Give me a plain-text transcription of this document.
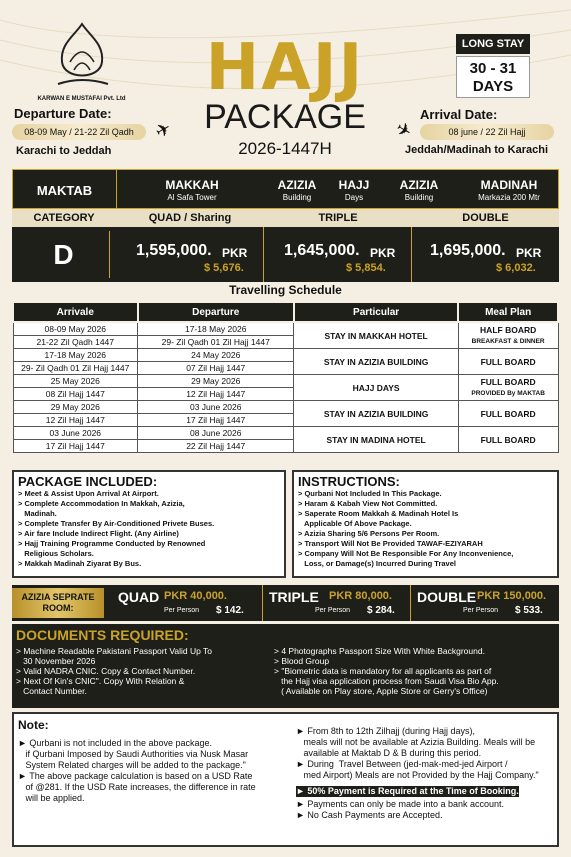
KARWAN E MUSTAFAI Pvt. Ltd	HAJJ
PACKAGE
2026-1447H
LONG STAY
30 - 31
DAYS
Departure Date:
08-09 May / 21-22 Zil Qadh
Karachi to Jeddah
✈
Arrival Date:
08 june / 22 Zil Hajj
Jeddah/Madinah to Karachi
✈
MAKTAB	MAKKAH
Al Safa Tower
AZIZIA
Building
HAJJ
Days
AZIZIA
Building
MADINAH
Markazia 200 Mtr
CATEGORY	QUAD / Sharing	TRIPLE	DOUBLE
D	1,595,000. PKR
$ 5,676.
1,645,000. PKR
$ 5,854.
1,695,000. PKR
$ 6,032.
Travelling Schedule
Arrivale	Departure	Particular	Meal Plan
08-09 May 2026	17-18 May 2026	STAY IN MAKKAH HOTEL	HALF BOARD
BREAKFAST & DINNER

21-22 Zil Qadh 1447	29- Zil Qadh 01 Zil Hajj 1447		
17-18 May 2026	24 May 2026	STAY IN AZIZIA BUILDING	FULL BOARD
29- Zil Qadh 01 Zil Hajj 1447	07 Zil Hajj 1447		
25 May 2026	29 May 2026	HAJJ DAYS	FULL BOARD
PROVIDED By MAKTAB

08 Zil Hajj 1447	12 Zil Hajj 1447		
29 May 2026	03 June 2026	STAY IN AZIZIA BUILDING	FULL BOARD
12 Zil Hajj 1447	17 Zil Hajj 1447		
03 June 2026	08 June 2026	STAY IN MADINA HOTEL	FULL BOARD
17 Zil Hajj 1447	22 Zil Hajj 1447		
PACKAGE INCLUDED:
> Meet & Assist Upon Arrival At Airport.
> Complete Accommodation In Makkah, Azizia,
Madinah.
> Complete Transfer By Air-Conditioned Privete Buses.
> Air fare Include Indirect Flight. (Any Airline)
> Hajj Training Programme Conducted by Renowned
Religious Scholars.
> Makkah Madinah Ziyarat By Bus.
INSTRUCTIONS:
> Qurbani Not Included In This Package.
> Haram & Kabah View Not Committed.
> Saperate Room Makkah & Madinah Hotel Is
Applicable Of Above Package.
> Azizia Sharing 5/6 Persons Per Room.
> Transport Will Not Be Provided TAWAF-EZIYARAH
> Company Will Not Be Responsible For Any Inconvenience,
Loss, or Damage(s) Incurred During Travel
AZIZIA SEPRATE
ROOM:
QUAD PKR 40,000.
Per Person $ 142.
TRIPLE PKR 80,000.
Per Person $ 284.
DOUBLE PKR 150,000.
Per Person $ 533.
DOCUMENTS REQUIRED:
> Machine Readable Pakistani Passport Valid Up To
30 November 2026
> Valid NADRA CNIC. Copy & Contact Number.
> Next Of Kin's CNIC". Copy With Relation &
Contact Number.
> 4 Photographs Passport Size With White Background.
> Blood Group
> "Biometric data is mandatory for all applicants as part of
the Hajj visa application process from Saudi Visa Bio App.
( Available on Play store, Apple Store or Gerry's Office)
Note:
► Qurbani is not included in the above package.
if Qurbani Imposed by Saudi Authorities via Nusk Masar
System Related charges will be added to the package."
► The above package calculation is based on a USD Rate
of @281. If the USD Rate increases, the difference in rate
will be applied.
► From 8th to 12th Zilhajj (during Hajj days),
meals will not be available at Azizia Building. Meals will be
available at Maktab D & B during this period.
► During  Travel Between (jed-mak-med-jed Airport /
med Airport) Meals are not Provided by the Hajj Company."
► 50% Payment is Required at the Time of Booking.
► Payments can only be made into a bank account.
► No Cash Payments are Accepted.
